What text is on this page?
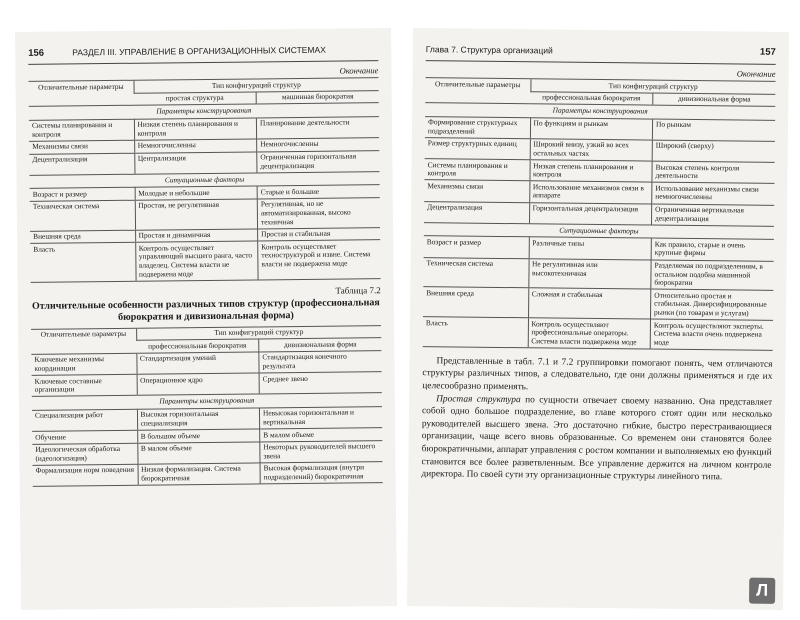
156	РАЗДЕЛ III. УПРАВЛЕНИЕ В ОРГАНИЗАЦИОННЫХ СИСТЕМАХ
Окончание
Отличительные параметры	Тип конфигураций структур	
	простая структура	машинная бюрократия
Параметры конструирования		
Системы планирования и контроля	Низкая степень планирования и контроля	Планирование деятельности
Механизмы связи	Немногочисленны	Немногочисленны
Децентрализация	Централизация	Ограниченная горизонтальная децентрализация
Ситуационные факторы		
Возраст и размер	Молодые и небольшие	Старые и большие
Техническая система	Простая, не регулятивная	Регулятивная, но не автоматизированная, высоко техничная
Внешняя среда	Простая и динамичная	Простая и стабильная
Власть	Контроль осуществляет управляющий высшего ранга, часто владелец. Система власти не подвержена моде	Контроль осуществляет техноструктурой и извне. Система власти не подвержена моде
Таблица 7.2
Отличительные особенности различных типов структур (профессиональная бюрократия и дивизиональная форма)
Отличительные параметры	Тип конфигураций структур	
	профессиональная бюрократия	дивизиональная форма
Ключевые механизмы координации	Стандартизация умений	Стандартизация конечного результата
Ключевые составные организации	Операционное ядро	Среднее звено
Параметры конструирования		
Специализация работ	Высокая горизонтальная специализация	Невысокая горизонтальная и вертикальная
Обучение	В большом объеме	В малом объеме
Идеологическая обработка (идеологизация)	В малом объеме	Некоторых руководителей высшего звена
Формализация норм поведения	Низкая формализация. Система бюрократичная	Высокая формализация (внутри подразделений) бюрократичная
Глава 7. Структура организаций	157
Окончание
Отличительные параметры	Тип конфигураций структур	
	профессиональная бюрократия	дивизиональная форма
Параметры конструирования		
Формирование структурных подразделений	По функциям и рынкам	По рынкам
Размер структурных единиц	Широкий внизу, узкий во всех остальных частях	Широкий (сверху)
Системы планирования и контроля	Низкая степень планирования и контроля	Высокая степень контроля деятельности
Механизмы связи	Использование механизмов связи в аппарате	Использование механизмы связи немногочисленны
Децентрализация	Горизонтальная децентрализация	Ограниченная вертикальная децентрализация
Ситуационные факторы		
Возраст и размер	Различные типы	Как правило, старые и очень крупные фирмы
Техническая система	Не регулятивная или высокотехничная	Разделяемая по подразделениям, в остальном подобна машинной бюрократии
Внешняя среда	Сложная и стабильная	Относительно простая и стабильная. Диверсифицированные рынки (по товарам и услугам)
Власть	Контроль осуществляют профессиональные операторы. Система власти подвержена моде	Контроль осуществляют эксперты. Система власти очень подвержена моде

Представленные в табл. 7.1 и 7.2 группировки помогают понять, чем отличаются структуры различных типов, а следовательно, где они должны применяться и где их целесообразно применять.

Простая структура по сущности отвечает своему названию. Она представляет собой одно большое подразделение, во главе которого стоят один или несколько руководителей высшего звена. Это достаточно гибкие, быстро перестраивающиеся организации, чаще всего вновь образованные. Со временем они становятся более бюрократичными, аппарат управления с ростом компании и выполняемых ею функций становится все более разветвленным. Все управление держится на личном контроле директора. По своей сути эту организационные структуры линейного типа.

Л
